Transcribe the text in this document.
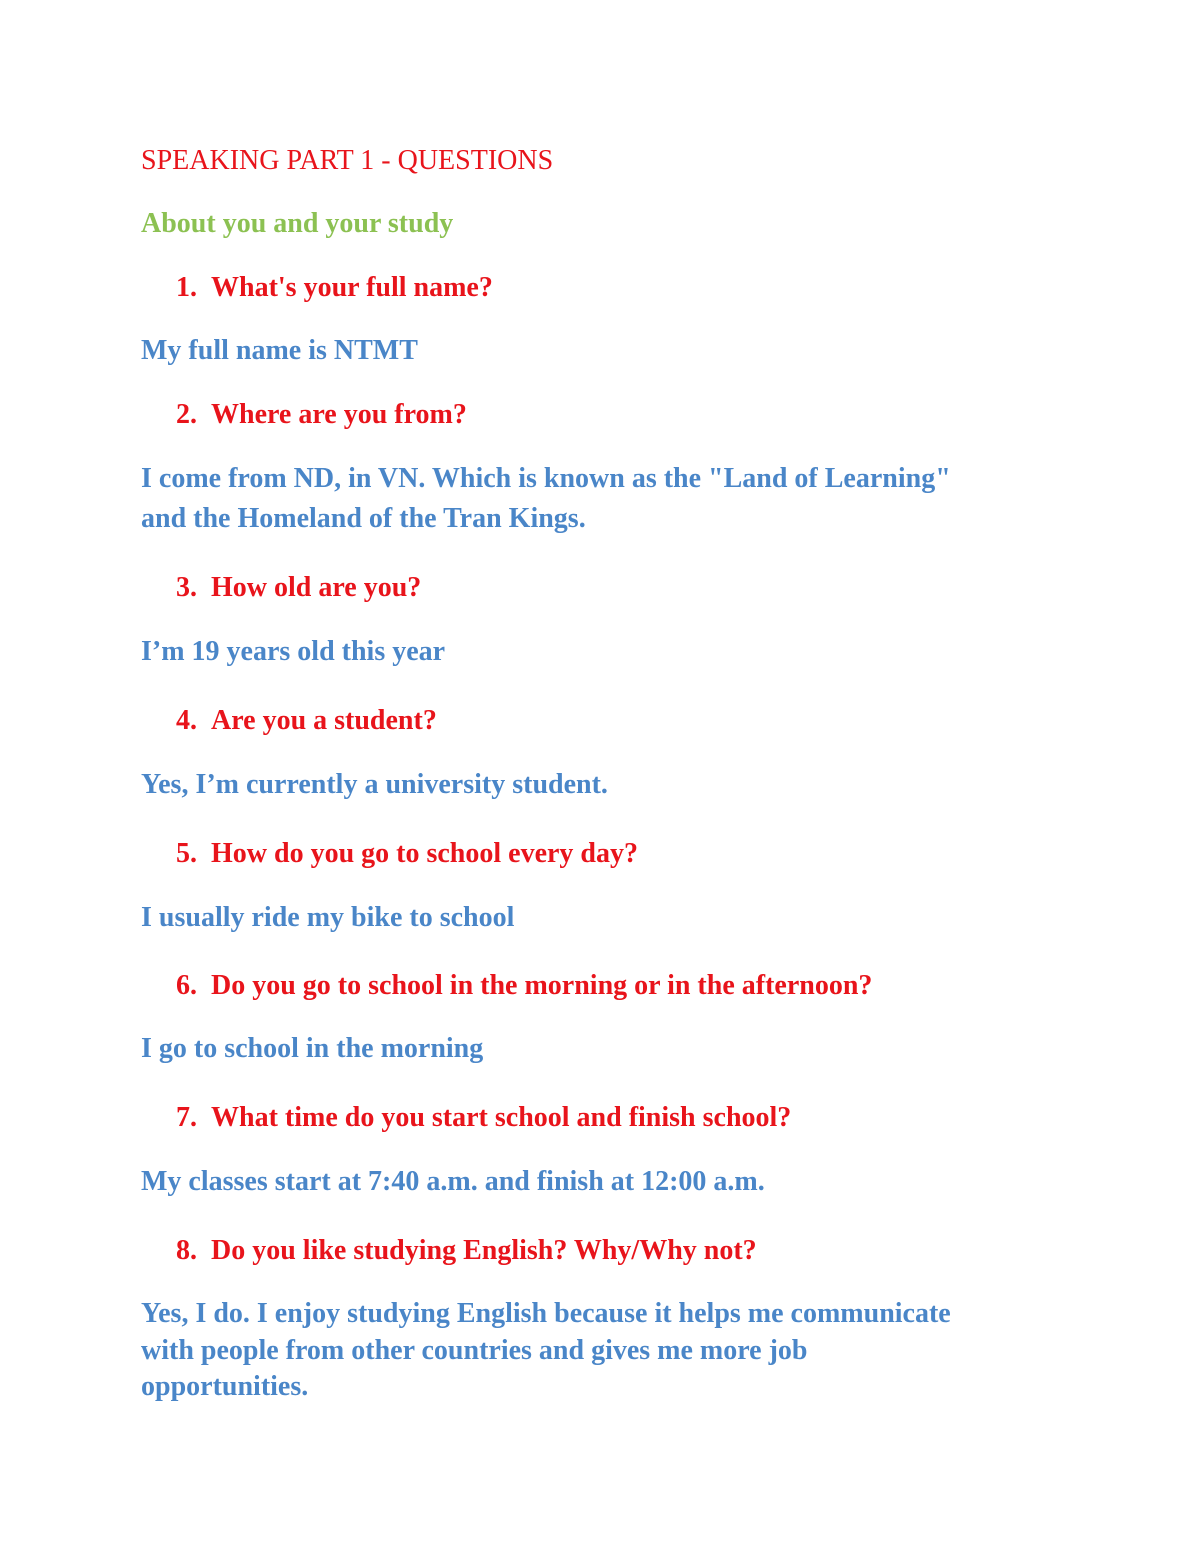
SPEAKING PART 1 - QUESTIONS

About you and your study

1. What's your full name?

My full name is NTMT

2. Where are you from?

I come from ND, in VN. Which is known as the "Land of Learning"

and the Homeland of the Tran Kings.

3. How old are you?

I’m 19 years old this year

4. Are you a student?

Yes, I’m currently a university student.

5. How do you go to school every day?

I usually ride my bike to school

6. Do you go to school in the morning or in the afternoon?

I go to school in the morning

7. What time do you start school and finish school?

My classes start at 7:40 a.m. and finish at 12:00 a.m.

8. Do you like studying English? Why/Why not?

Yes, I do. I enjoy studying English because it helps me communicate

with people from other countries and gives me more job

opportunities.
